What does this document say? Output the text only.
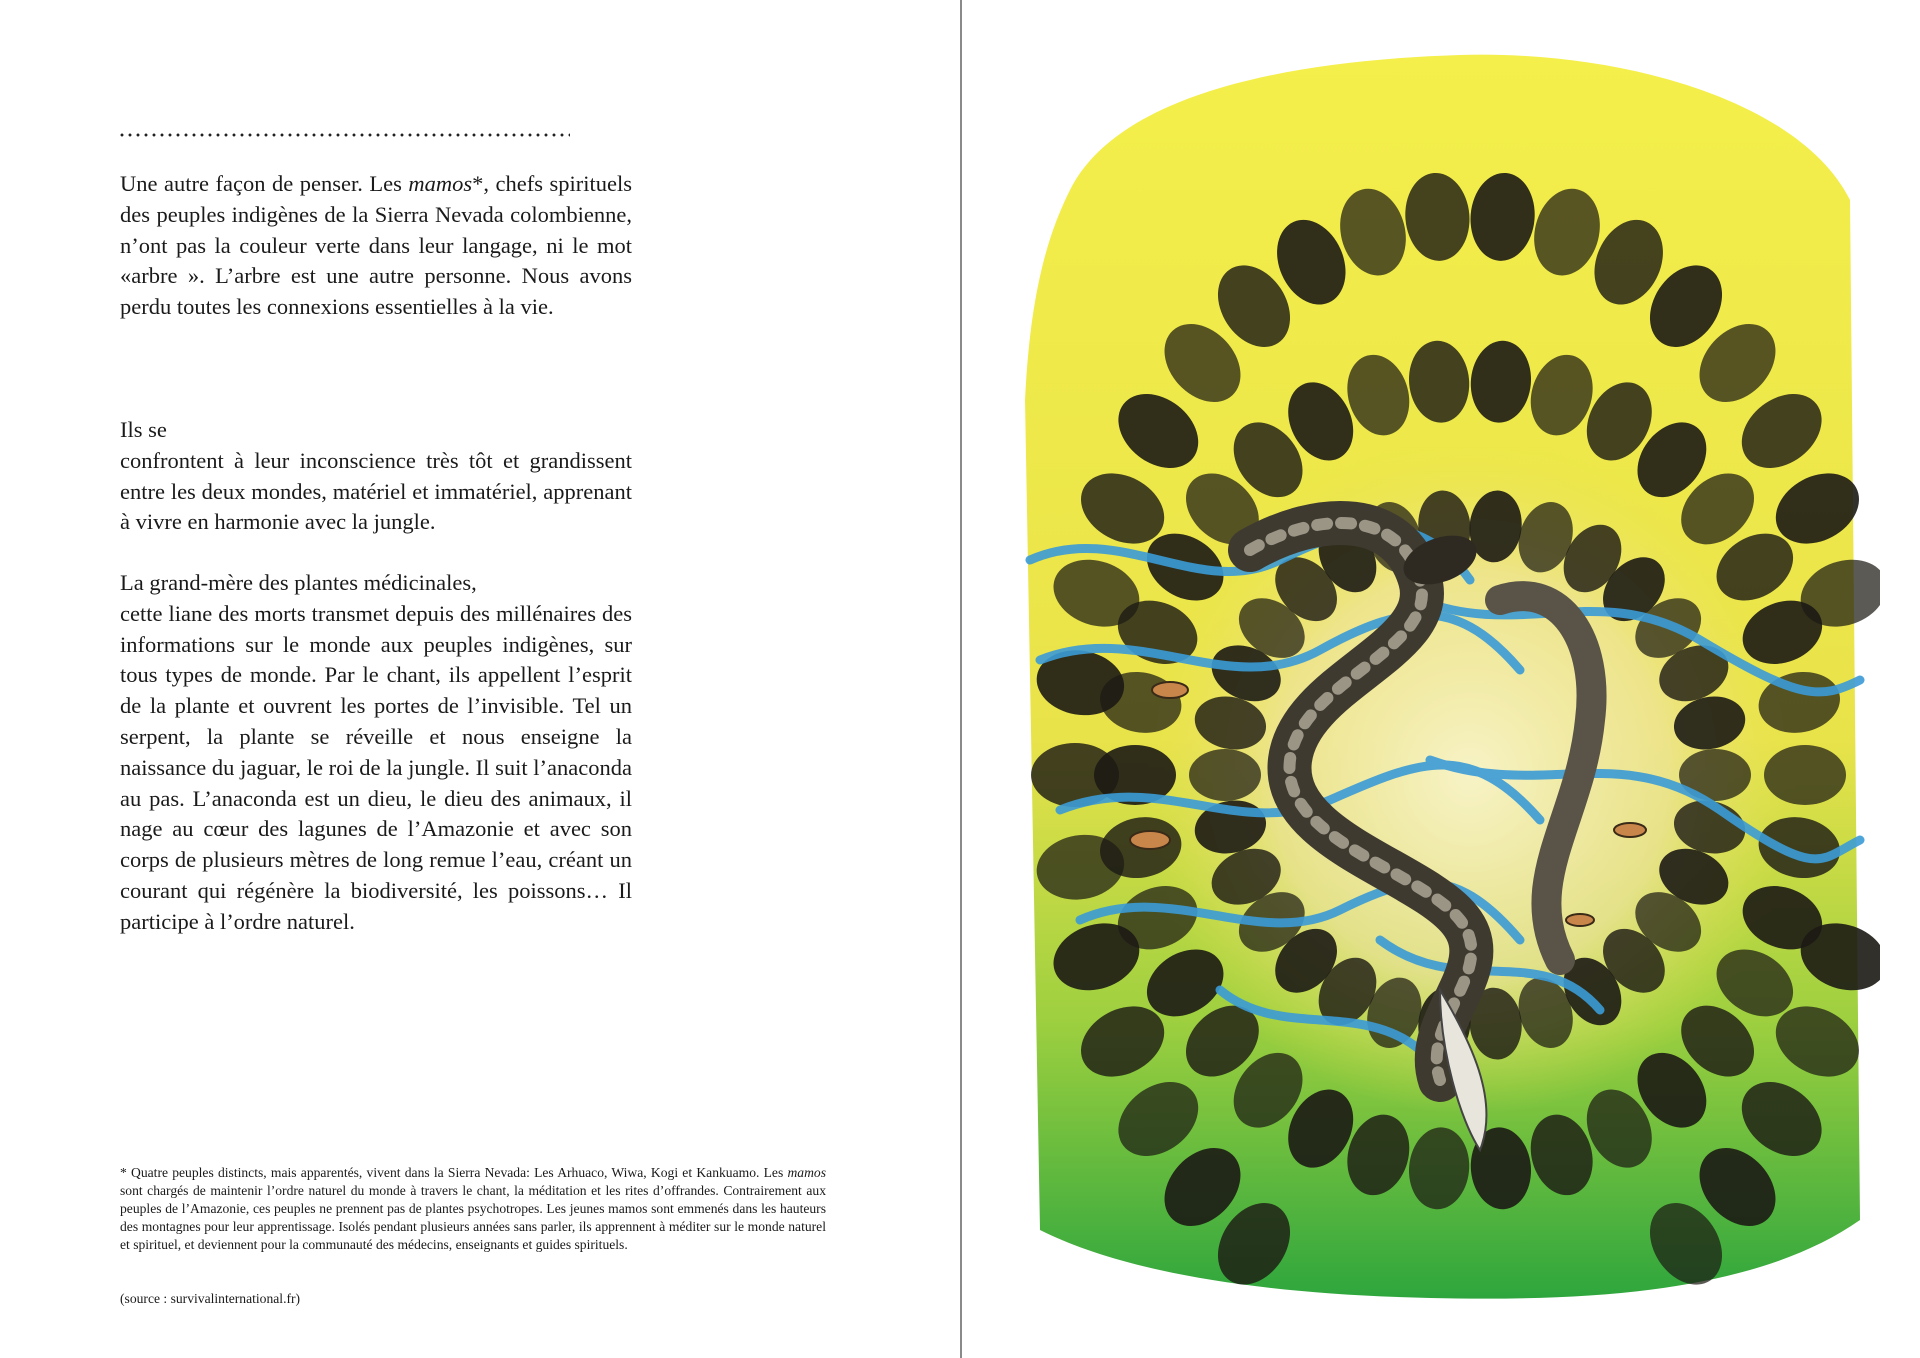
Une autre façon de penser. Les mamos*, chefs spirituels des peuples indigènes de la Sierra Nevada colombienne, n’ont pas la couleur verte dans leur langage, ni le mot «arbre ». L’arbre est une autre personne. Nous avons perdu toutes les connexions essentielles à la vie.

Ils se
confrontent à leur inconscience très tôt et grandissent entre les deux mondes, matériel et immatériel, apprenant à vivre en harmonie avec la jungle.

La grand-mère des plantes médicinales,
cette liane des morts transmet depuis des millénaires des informations sur le monde aux peuples indigènes, sur tous types de monde. Par le chant, ils appellent l’esprit de la plante et ouvrent les portes de l’invisible. Tel un serpent, la plante se réveille et nous enseigne la naissance du jaguar, le roi de la jungle. Il suit l’anaconda au pas. L’anaconda est un dieu, le dieu des animaux, il nage au cœur des lagunes de l’Amazonie et avec son corps de plusieurs mètres de long remue l’eau, créant un courant qui régénère la biodiversité, les poissons… Il participe à l’ordre naturel.

* Quatre peuples distincts, mais apparentés, vivent dans la Sierra Nevada: Les Arhuaco, Wiwa, Kogi et Kankuamo. Les mamos sont chargés de maintenir l’ordre naturel du monde à travers le chant, la méditation et les rites d’offrandes. Contrairement aux peuples de l’Amazonie, ces peuples ne prennent pas de plantes psychotropes. Les jeunes mamos sont emmenés dans les hauteurs des montagnes pour leur apprentissage. Isolés pendant plusieurs années sans parler, ils apprennent à méditer sur le monde naturel et spirituel, et deviennent pour la communauté des médecins, enseignants et guides spirituels.

(source : survivalinternational.fr)
